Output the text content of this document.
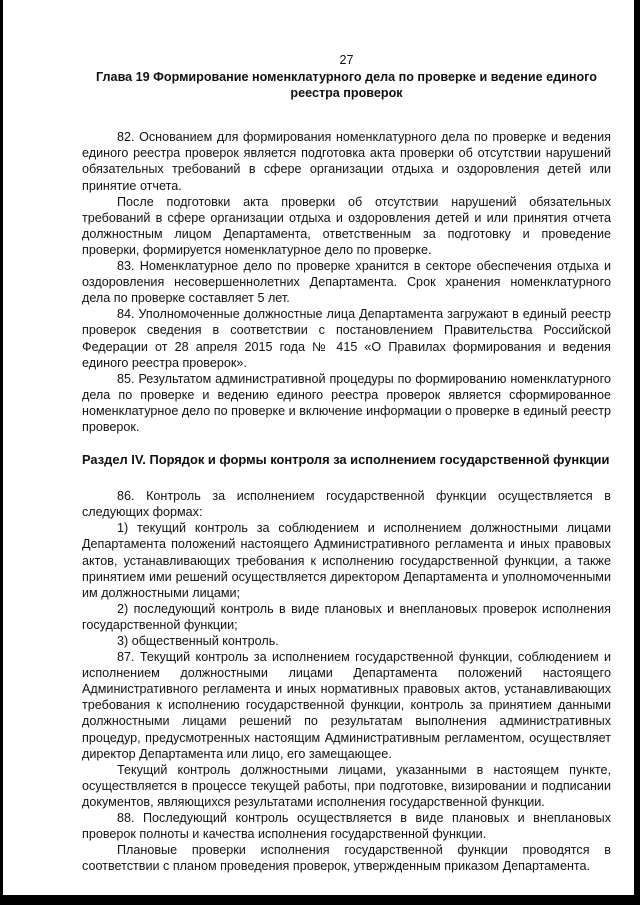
27
Глава 19 Формирование номенклатурного дела по проверке и ведение единого реестра проверок

82. Основанием для формирования номенклатурного дела по проверке и ведения единого реестра проверок является подготовка акта проверки об отсутствии нарушений обязательных требований в сфере организации отдыха и оздоровления детей или принятие отчета.

После подготовки акта проверки об отсутствии нарушений обязательных требований в сфере организации отдыха и оздоровления детей и или принятия отчета должностным лицом Департамента, ответственным за подготовку и проведение проверки, формируется номенклатурное дело по проверке.

83. Номенклатурное дело по проверке хранится в секторе обеспечения отдыха и оздоровления несовершеннолетних Департамента. Срок хранения номенклатурного дела по проверке составляет 5 лет.

84. Уполномоченные должностные лица Департамента загружают в единый реестр проверок сведения в соответствии с постановлением Правительства Российской Федерации от 28 апреля 2015 года № 415 «О Правилах формирования и ведения единого реестра проверок».

85. Результатом административной процедуры по формированию номенклатурного дела по проверке и ведению единого реестра проверок является сформированное номенклатурное дело по проверке и включение информации о проверке в единый реестр проверок.

Раздел IV. Порядок и формы контроля за исполнением государственной функции

86. Контроль за исполнением государственной функции осуществляется в следующих формах:

1) текущий контроль за соблюдением и исполнением должностными лицами Департамента положений настоящего Административного регламента и иных правовых актов, устанавливающих требования к исполнению государственной функции, а также принятием ими решений осуществляется директором Департамента и уполномоченными им должностными лицами;

2) последующий контроль в виде плановых и внеплановых проверок исполнения государственной функции;

3) общественный контроль.

87. Текущий контроль за исполнением государственной функции, соблюдением и исполнением должностными лицами Департамента положений настоящего Административного регламента и иных нормативных правовых актов, устанавливающих требования к исполнению государственной функции, контроль за принятием данными должностными лицами решений по результатам выполнения административных процедур, предусмотренных настоящим Административным регламентом, осуществляет директор Департамента или лицо, его замещающее.

Текущий контроль должностными лицами, указанными в настоящем пункте, осуществляется в процессе текущей работы, при подготовке, визировании и подписании документов, являющихся результатами исполнения государственной функции.

88. Последующий контроль осуществляется в виде плановых и внеплановых проверок полноты и качества исполнения государственной функции.

Плановые проверки исполнения государственной функции проводятся в соответствии с планом проведения проверок, утвержденным приказом Департамента.
